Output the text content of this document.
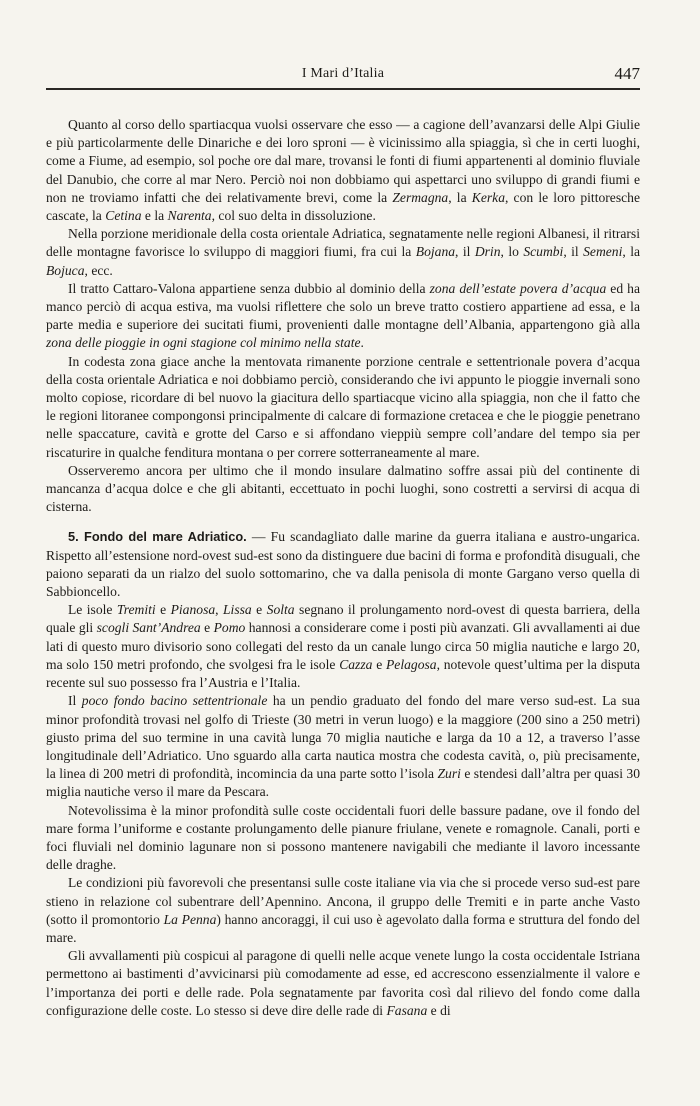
I Mari d’Italia	447

Quanto al corso dello spartiacqua vuolsi osservare che esso — a cagione dell’avanzarsi delle Alpi Giulie e più particolarmente delle Dinariche e dei loro sproni — è vicinissimo alla spiaggia, sì che in certi luoghi, come a Fiume, ad esempio, sol poche ore dal mare, trovansi le fonti di fiumi appartenenti al dominio fluviale del Danubio, che corre al mar Nero. Perciò noi non dobbiamo qui aspettarci uno sviluppo di grandi fiumi e non ne troviamo infatti che dei relativamente brevi, come la Zermagna, la Kerka, con le loro pittoresche cascate, la Cetina e la Narenta, col suo delta in dissoluzione.

Nella porzione meridionale della costa orientale Adriatica, segnatamente nelle regioni Albanesi, il ritrarsi delle montagne favorisce lo sviluppo di maggiori fiumi, fra cui la Bojana, il Drin, lo Scumbi, il Semeni, la Bojuca, ecc.

Il tratto Cattaro-Valona appartiene senza dubbio al dominio della zona dell’estate povera d’acqua ed ha manco perciò di acqua estiva, ma vuolsi riflettere che solo un breve tratto costiero appartiene ad essa, e la parte media e superiore dei sucitati fiumi, provenienti dalle montagne dell’Albania, appartengono già alla zona delle pioggie in ogni stagione col minimo nella state.

In codesta zona giace anche la mentovata rimanente porzione centrale e settentrionale povera d’acqua della costa orientale Adriatica e noi dobbiamo perciò, considerando che ivi appunto le pioggie invernali sono molto copiose, ricordare di bel nuovo la giacitura dello spartiacque vicino alla spiaggia, non che il fatto che le regioni litoranee compongonsi principalmente di calcare di formazione cretacea e che le pioggie penetrano nelle spaccature, cavità e grotte del Carso e si affondano vieppiù sempre coll’andare del tempo sia per riscaturire in qualche fenditura montana o per correre sotterraneamente al mare.

Osserveremo ancora per ultimo che il mondo insulare dalmatino soffre assai più del continente di mancanza d’acqua dolce e che gli abitanti, eccettuato in pochi luoghi, sono costretti a servirsi di acqua di cisterna.

5. Fondo del mare Adriatico. — Fu scandagliato dalle marine da guerra italiana e austro-ungarica. Rispetto all’estensione nord-ovest sud-est sono da distinguere due bacini di forma e profondità disuguali, che paiono separati da un rialzo del suolo sottomarino, che va dalla penisola di monte Gargano verso quella di Sabbioncello.

Le isole Tremiti e Pianosa, Lissa e Solta segnano il prolungamento nord-ovest di questa barriera, della quale gli scogli Sant’Andrea e Pomo hannosi a considerare come i posti più avanzati. Gli avvallamenti ai due lati di questo muro divisorio sono collegati del resto da un canale lungo circa 50 miglia nautiche e largo 20, ma solo 150 metri profondo, che svolgesi fra le isole Cazza e Pelagosa, notevole quest’ultima per la disputa recente sul suo possesso fra l’Austria e l’Italia.

Il poco fondo bacino settentrionale ha un pendio graduato del fondo del mare verso sud-est. La sua minor profondità trovasi nel golfo di Trieste (30 metri in verun luogo) e la maggiore (200 sino a 250 metri) giusto prima del suo termine in una cavità lunga 70 miglia nautiche e larga da 10 a 12, a traverso l’asse longitudinale dell’Adriatico. Uno sguardo alla carta nautica mostra che codesta cavità, o, più precisamente, la linea di 200 metri di profondità, incomincia da una parte sotto l’isola Zuri e stendesi dall’altra per quasi 30 miglia nautiche verso il mare da Pescara.

Notevolissima è la minor profondità sulle coste occidentali fuori delle bassure padane, ove il fondo del mare forma l’uniforme e costante prolungamento delle pianure friulane, venete e romagnole. Canali, porti e foci fluviali nel dominio lagunare non si possono mantenere navigabili che mediante il lavoro incessante delle draghe.

Le condizioni più favorevoli che presentansi sulle coste italiane via via che si procede verso sud-est pare stieno in relazione col subentrare dell’Apennino. Ancona, il gruppo delle Tremiti e in parte anche Vasto (sotto il promontorio La Penna) hanno ancoraggi, il cui uso è agevolato dalla forma e struttura del fondo del mare.

Gli avvallamenti più cospicui al paragone di quelli nelle acque venete lungo la costa occidentale Istriana permettono ai bastimenti d’avvicinarsi più comodamente ad esse, ed accrescono essenzialmente il valore e l’importanza dei porti e delle rade. Pola segnatamente par favorita così dal rilievo del fondo come dalla configurazione delle coste. Lo stesso si deve dire delle rade di Fasana e di
